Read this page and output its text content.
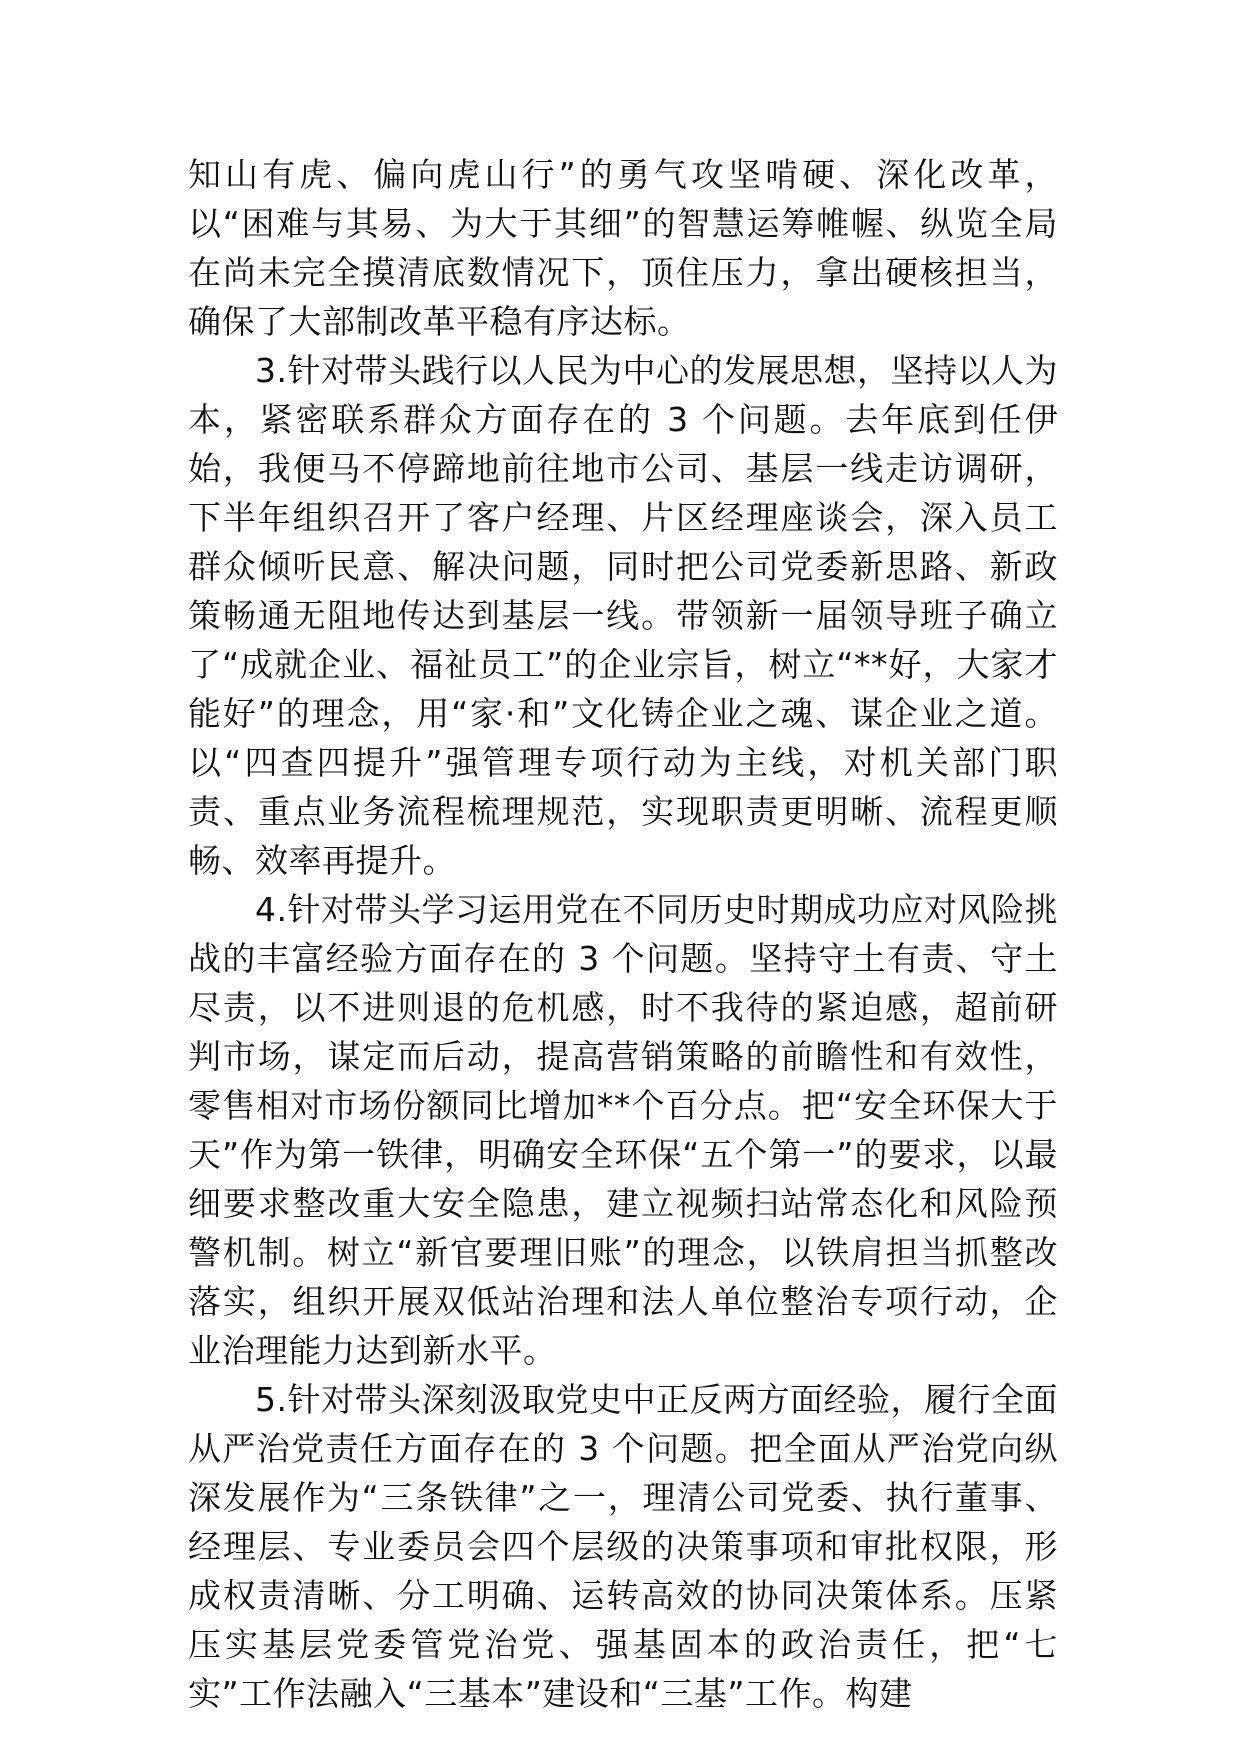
知山有虎、偏向虎山行”的勇气攻坚啃硬、深化改革，以“困难与其易、为大于其细”的智慧运筹帷幄、纵览全局在尚未完全摸清底数情况下，顶住压力，拿出硬核担当，确保了大部制改革平稳有序达标。

3.针对带头践行以人民为中心的发展思想，坚持以人为本，紧密联系群众方面存在的 3 个问题。去年底到任伊始，我便马不停蹄地前往地市公司、基层一线走访调研，下半年组织召开了客户经理、片区经理座谈会，深入员工群众倾听民意、解决问题，同时把公司党委新思路、新政策畅通无阻地传达到基层一线。带领新一届领导班子确立了“成就企业、福祉员工”的企业宗旨，树立“**好，大家才能好”的理念，用“家·和”文化铸企业之魂、谋企业之道。以“四查四提升”强管理专项行动为主线，对机关部门职责、重点业务流程梳理规范，实现职责更明晰、流程更顺畅、效率再提升。

4.针对带头学习运用党在不同历史时期成功应对风险挑战的丰富经验方面存在的 3 个问题。坚持守土有责、守土尽责，以不进则退的危机感，时不我待的紧迫感，超前研判市场，谋定而后动，提高营销策略的前瞻性和有效性，零售相对市场份额同比增加**个百分点。把“安全环保大于天”作为第一铁律，明确安全环保“五个第一”的要求，以最细要求整改重大安全隐患，建立视频扫站常态化和风险预警机制。树立“新官要理旧账”的理念，以铁肩担当抓整改落实，组织开展双低站治理和法人单位整治专项行动，企业治理能力达到新水平。

5.针对带头深刻汲取党史中正反两方面经验，履行全面从严治党责任方面存在的 3 个问题。把全面从严治党向纵深发展作为“三条铁律”之一，理清公司党委、执行董事、经理层、专业委员会四个层级的决策事项和审批权限，形成权责清晰、分工明确、运转高效的协同决策体系。压紧压实基层党委管党治党、强基固本的政治责任，把“七实”工作法融入“三基本”建设和“三基”工作。构建
